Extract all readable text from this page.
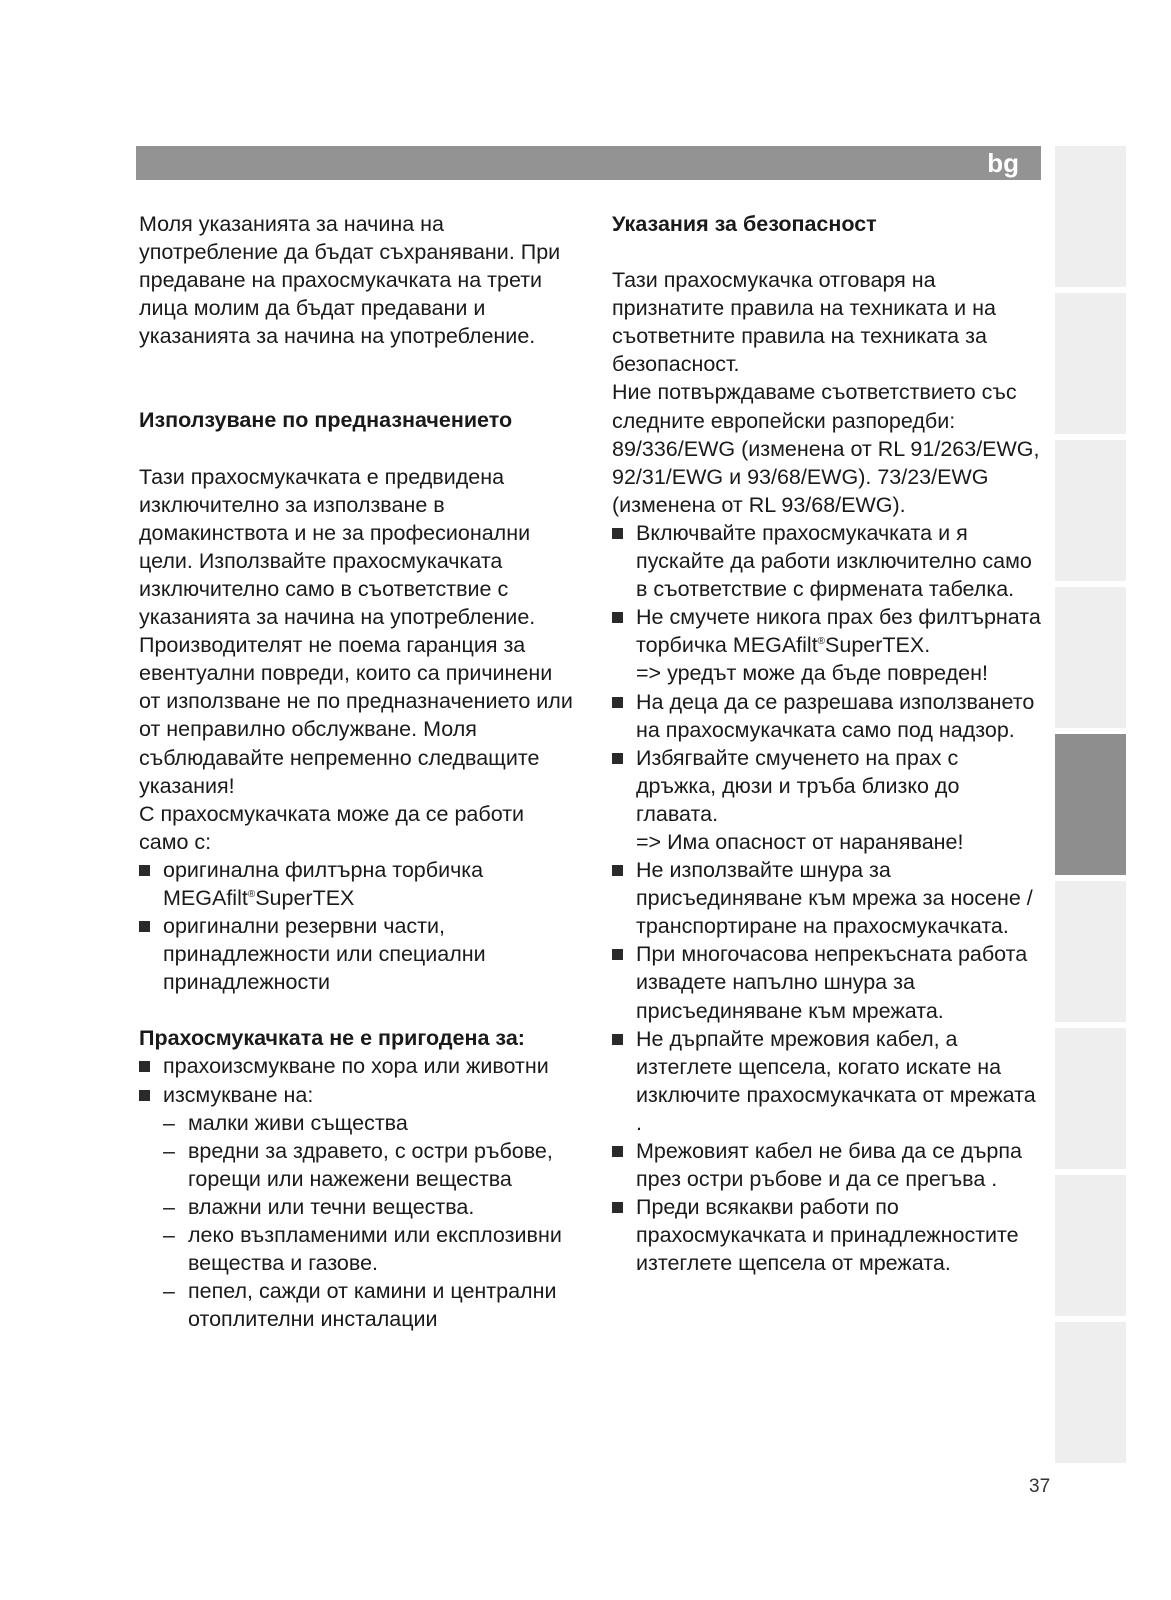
bg

Моля указанията за начина на употребление да бъдат съхранявани. При предаване на прахосмукачката на трети лица молим да бъдат предавани и указанията за начина на употребление.

Използуване по предназначението

Тази прахосмукачката е предвидена изключително за използване в домакинствота и не за професионални цели. Използвайте прахосмукачката изключително само в съответствие с указанията за начина на употребление. Производителят не поема гаранция за евентуални повреди, които са причинени от използване не по предназначението или от неправилно обслужване. Моля съблюдавайте непременно следващите указания!

С прахосмукачката може да се работи само с:

оригинална филтърна торбичка MEGAfilt®SuperTEX
оригинални резервни части, принадлежности или специални принадлежности
Прахосмукачката не е пригодена за:
прахоизсмукване по хора или животни
изсмукване на:
– малки живи същества
– вредни за здравето, с остри ръбове, горещи или нажежени вещества
– влажни или течни вещества.
– леко възпламеними или експлозивни вещества и газове.
– пепел, сажди от камини и централни отоплителни инсталации
Указания за безопасност

Тази прахосмукачка отговаря на признатите правила на техниката и на съответните правила на техниката за безопасност.

Ние потвърждаваме съответствието със следните европейски разпоредби: 89/336/EWG (изменена от RL 91/263/EWG, 92/31/EWG и 93/68/EWG). 73/23/EWG (изменена от RL 93/68/EWG).

Включвайте прахосмукачката и я пускайте да работи изключително само в съответствие с фирмената табелка.
Не смучете никога прах без филтърната торбичка MEGAfilt®SuperTEX.
=> уредът може да бъде повреден!
На деца да се разрешава използването на прахосмукачката само под надзор.
Избягвайте смученето на прах с дръжка, дюзи и тръба близко до главата.
=> Има опасност от нараняване!
Не използвайте шнура за присъединяване към мрежа за носене / транспортиране на прахосмукачката.
При многочасова непрекъсната работа извадете напълно шнура за присъединяване към мрежата.
Не дърпайте мрежовия кабел, а изтеглете щепсела, когато искате на изключите прахосмукачката от мрежата .
Мрежовият кабел не бива да се дърпа през остри ръбове и да се прегъва .
Преди всякакви работи по прахосмукачката и принадлежностите изтеглете щепсела от мрежата.
37
